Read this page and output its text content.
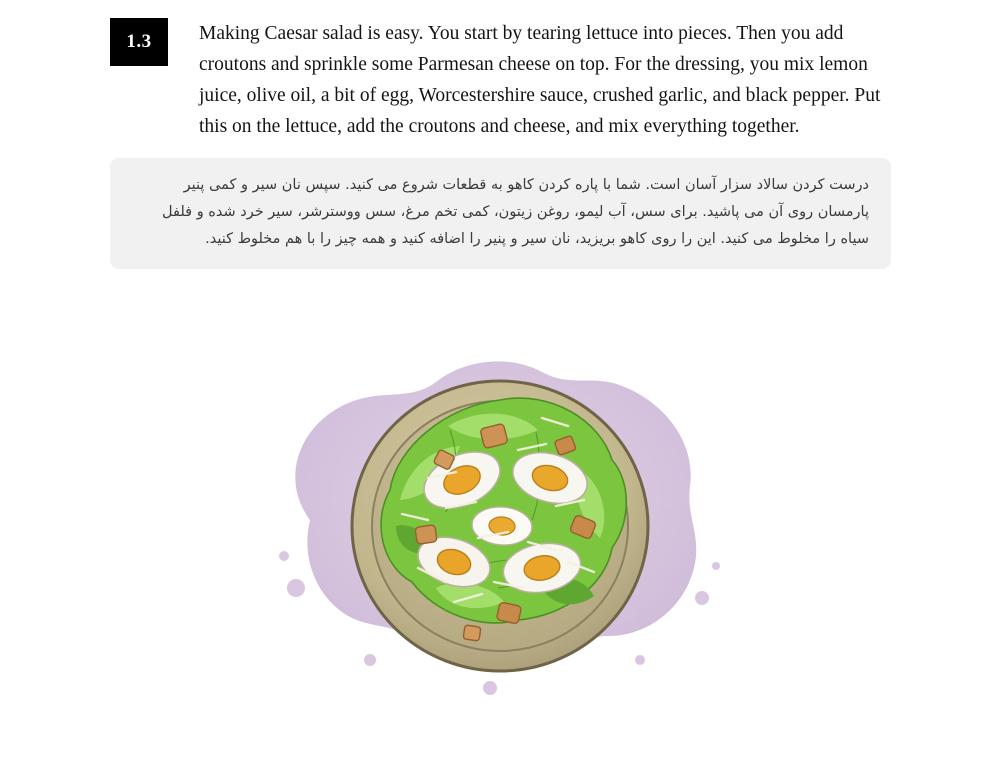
1.3	Making Caesar salad is easy. You start by tearing lettuce into pieces. Then you add croutons and sprinkle some Parmesan cheese on top. For the dressing, you mix lemon juice, olive oil, a bit of egg, Worcestershire sauce, crushed garlic, and black pepper. Put this on the lettuce, add the croutons and cheese, and mix everything together.
درست کردن سالاد سزار آسان است. شما با پاره کردن کاهو به قطعات شروع می کنید. سپس نان سیر و کمی پنیر پارمسان روی آن می پاشید. برای سس، آب لیمو، روغن زیتون، کمی تخم مرغ، سس ووسترشر، سیر خرد شده و فلفل سیاه را مخلوط می کنید. این را روی کاهو بریزید، نان سیر و پنیر را اضافه کنید و همه چیز را با هم مخلوط کنید.
